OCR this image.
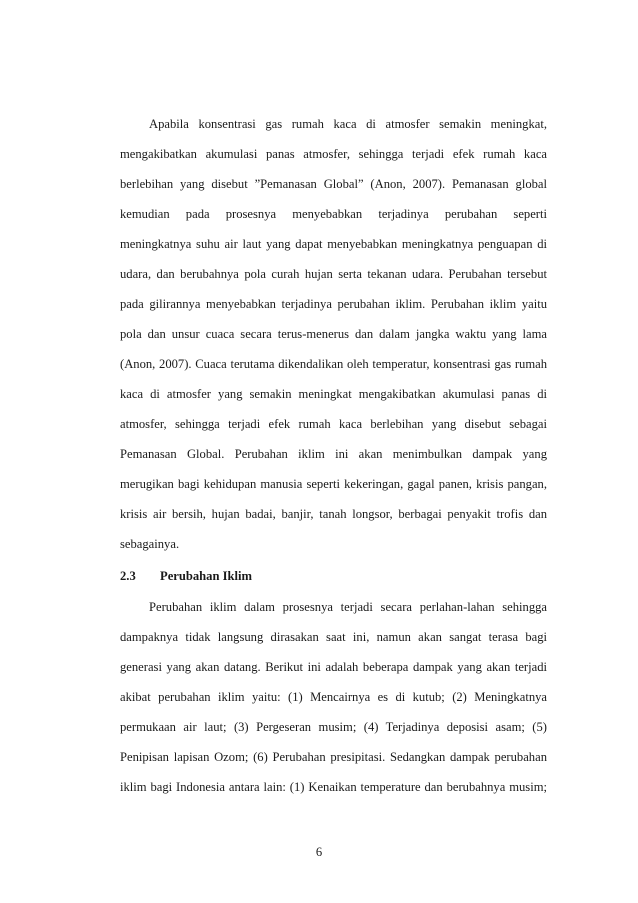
Apabila konsentrasi gas rumah kaca di atmosfer semakin meningkat,
mengakibatkan akumulasi panas atmosfer, sehingga terjadi efek rumah kaca
berlebihan yang disebut ”Pemanasan Global” (Anon, 2007). Pemanasan global
kemudian pada prosesnya menyebabkan terjadinya perubahan seperti
meningkatnya suhu air laut yang dapat menyebabkan meningkatnya penguapan di
udara, dan berubahnya pola curah hujan serta tekanan udara. Perubahan tersebut
pada gilirannya menyebabkan terjadinya perubahan iklim. Perubahan iklim yaitu
pola dan unsur cuaca secara terus-menerus dan dalam jangka waktu yang lama
(Anon, 2007). Cuaca terutama dikendalikan oleh temperatur, konsentrasi gas rumah
kaca di atmosfer yang semakin meningkat mengakibatkan akumulasi panas di
atmosfer, sehingga terjadi efek rumah kaca berlebihan yang disebut sebagai
Pemanasan Global. Perubahan iklim ini akan menimbulkan dampak yang
merugikan bagi kehidupan manusia seperti kekeringan, gagal panen, krisis pangan,
krisis air bersih, hujan badai, banjir, tanah longsor, berbagai penyakit trofis dan
sebagainya.
2.3 Perubahan Iklim
Perubahan iklim dalam prosesnya terjadi secara perlahan-lahan sehingga
dampaknya tidak langsung dirasakan saat ini, namun akan sangat terasa bagi
generasi yang akan datang. Berikut ini adalah beberapa dampak yang akan terjadi
akibat perubahan iklim yaitu: (1) Mencairnya es di kutub; (2) Meningkatnya
permukaan air laut; (3) Pergeseran musim; (4) Terjadinya deposisi asam; (5)
Penipisan lapisan Ozom; (6) Perubahan presipitasi. Sedangkan dampak perubahan
iklim bagi Indonesia antara lain: (1) Kenaikan temperature dan berubahnya musim;
6
